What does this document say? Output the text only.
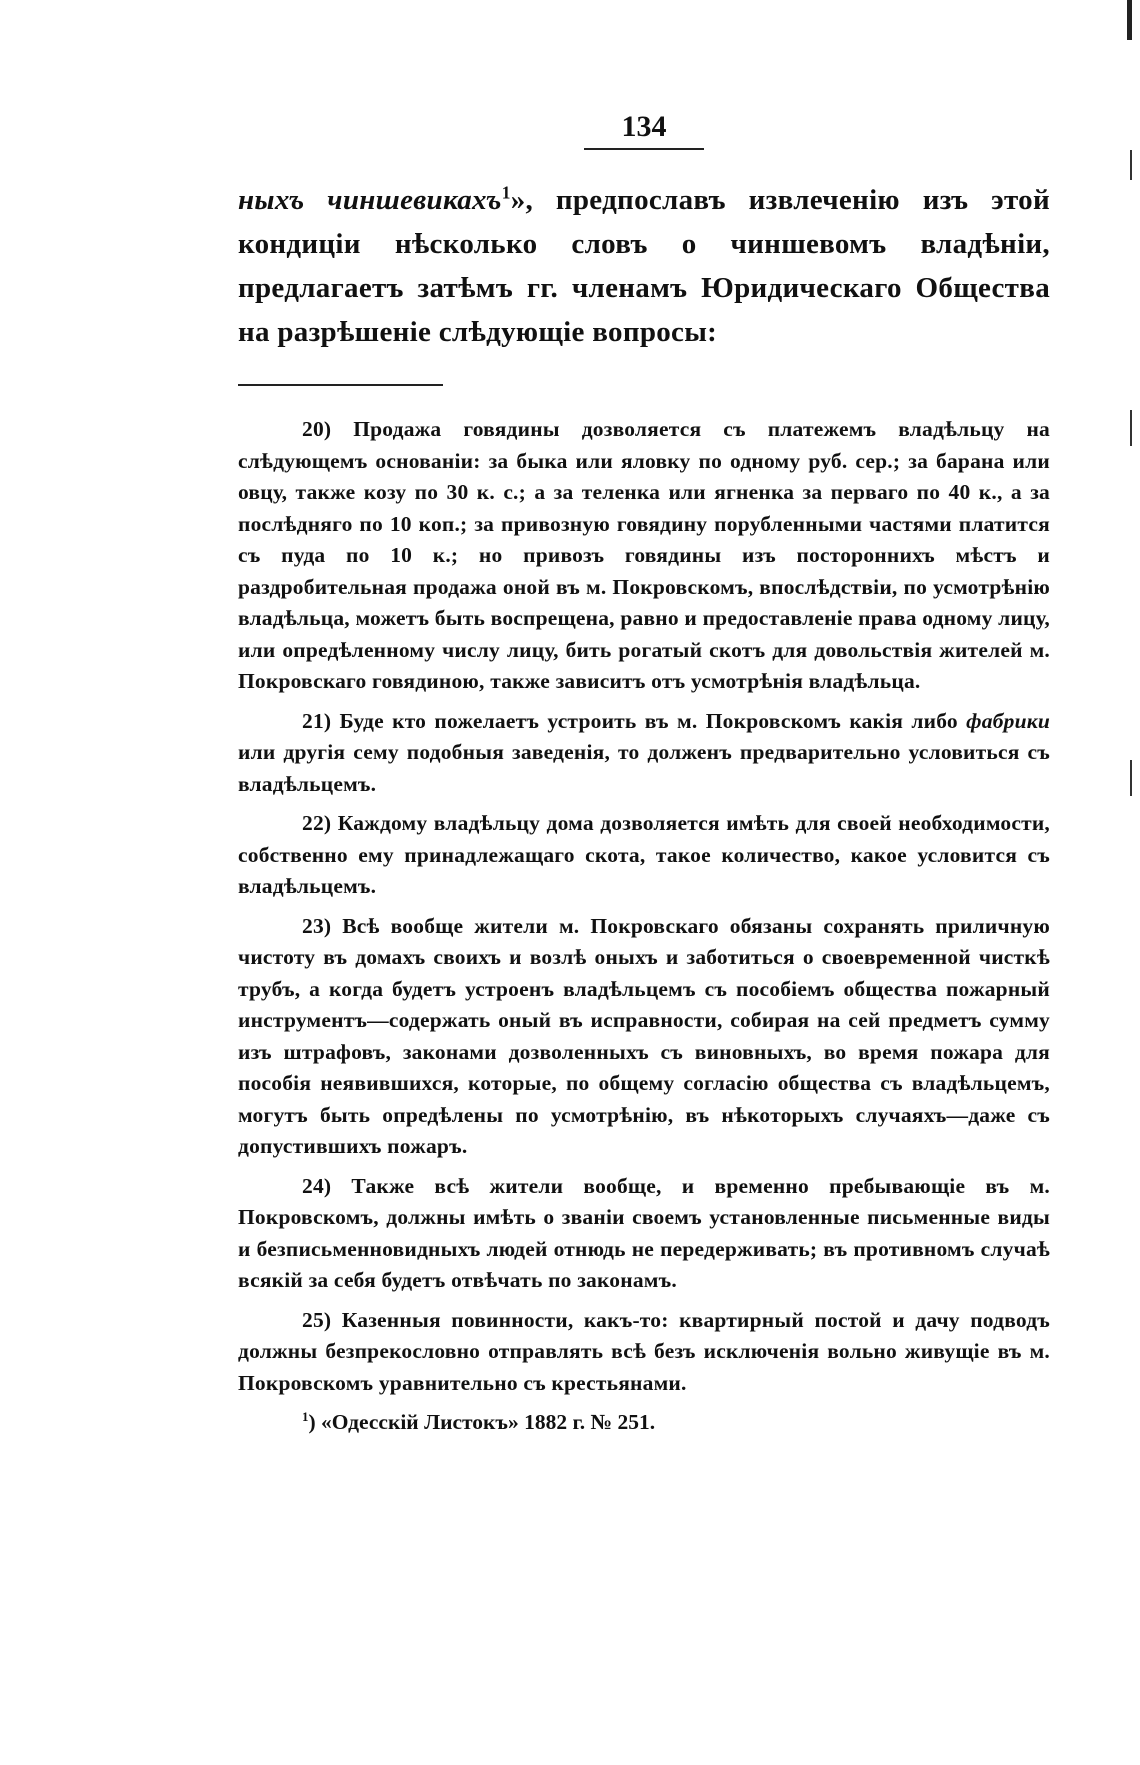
134

ныхъ чиншевикахъ$^1$», предпославъ извлеченію изъ этой кондиціи нѣсколько словъ о чиншевомъ владѣніи, предлагаетъ затѣмъ гг. членамъ Юридическаго Общества на разрѣшеніе слѣдующіе вопросы:

20) Продажа говядины дозволяется съ платежемъ владѣльцу на слѣдующемъ основаніи: за быка или яловку по одному руб. сер.; за барана или овцу, также козу по 30 к. с.; а за теленка или ягненка за перваго по 40 к., а за послѣдняго по 10 коп.; за привозную говядину порубленными частями платится съ пуда по 10 к.; но привозъ говядины изъ постороннихъ мѣстъ и раздробительная продажа оной въ м. Покровскомъ, впослѣдствіи, по усмотрѣнію владѣльца, можетъ быть воспрещена, равно и предоставленіе права одному лицу, или опредѣленному числу лицу, бить рогатый скотъ для довольствія жителей м. Покровскаго говядиною, также зависитъ отъ усмотрѣнія владѣльца.

21) Буде кто пожелаетъ устроить въ м. Покровскомъ какія либо фабрики или другія сему подобныя заведенія, то долженъ предварительно условиться съ владѣльцемъ.

22) Каждому владѣльцу дома дозволяется имѣть для своей необходимости, собственно ему принадлежащаго скота, такое количество, какое условится съ владѣльцемъ.

23) Всѣ вообще жители м. Покровскаго обязаны сохранять приличную чистоту въ домахъ своихъ и возлѣ оныхъ и заботиться о своевременной чисткѣ трубъ, а когда будетъ устроенъ владѣльцемъ съ пособіемъ общества пожарный инструментъ—содержать оный въ исправности, собирая на сей предметъ сумму изъ штрафовъ, законами дозволенныхъ съ виновныхъ, во время пожара для пособія неявившихся, которые, по общему согласію общества съ владѣльцемъ, могутъ быть опредѣлены по усмотрѣнію, въ нѣкоторыхъ случаяхъ—даже съ допустившихъ пожаръ.

24) Также всѣ жители вообще, и временно пребывающіе въ м. Покровскомъ, должны имѣть о званіи своемъ установленные письменные виды и безписьменновидныхъ людей отнюдь не передерживать; въ противномъ случаѣ всякій за себя будетъ отвѣчать по законамъ.

25) Казенныя повинности, какъ-то: квартирный постой и дачу подводъ должны безпрекословно отправлять всѣ безъ исключенія вольно живущіе въ м. Покровскомъ уравнительно съ крестьянами.

$^1$) «Одесскій Листокъ» 1882 г. № 251.
